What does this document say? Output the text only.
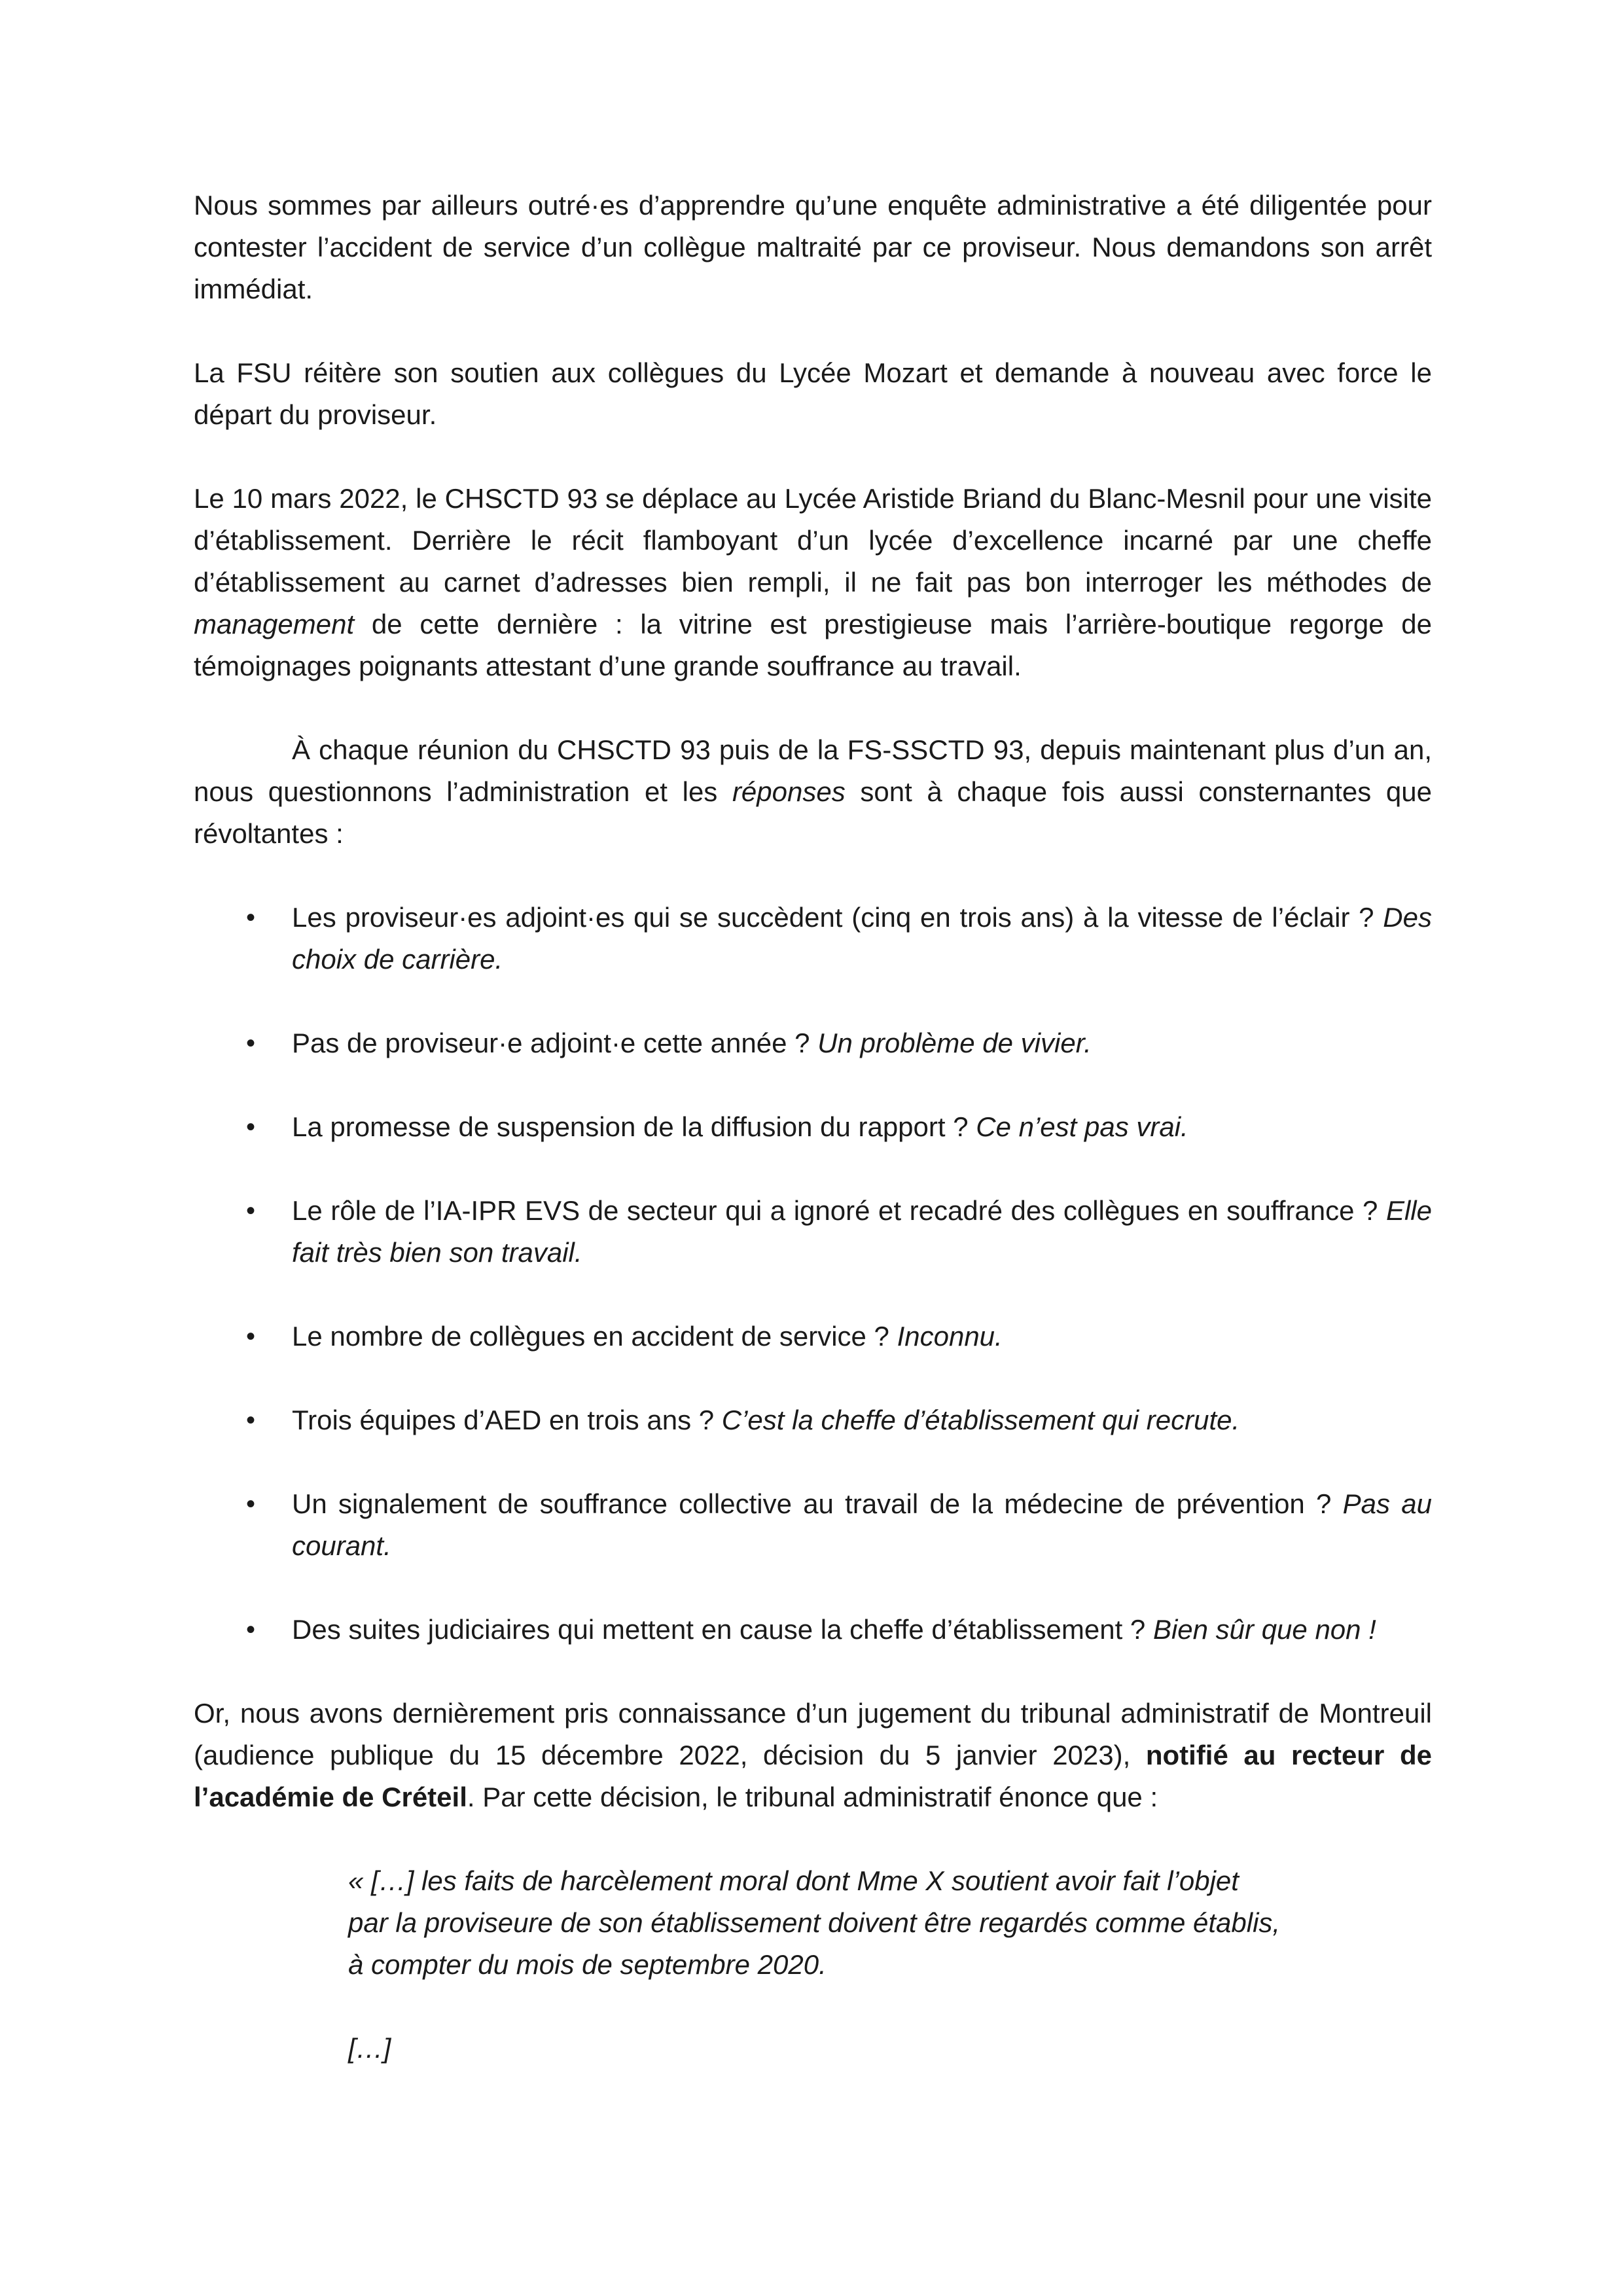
Nous sommes par ailleurs outré·es d’apprendre qu’une enquête administrative a été diligentée pour contester l’accident de service d’un collègue maltraité par ce proviseur. Nous demandons son arrêt immédiat.

La FSU réitère son soutien aux collègues du Lycée Mozart et demande à nouveau avec force le départ du proviseur.

Le 10 mars 2022, le CHSCTD 93 se déplace au Lycée Aristide Briand du Blanc-Mesnil pour une visite d’établissement. Derrière le récit flamboyant d’un lycée d’excellence incarné par une cheffe d’établissement au carnet d’adresses bien rempli, il ne fait pas bon interroger les méthodes de management de cette dernière : la vitrine est prestigieuse mais l’arrière-boutique regorge de témoignages poignants attestant d’une grande souffrance au travail.

À chaque réunion du CHSCTD 93 puis de la FS-SSCTD 93, depuis maintenant plus d’un an, nous questionnons l’administration et les réponses sont à chaque fois aussi consternantes que révoltantes :

• Les proviseur·es adjoint·es qui se succèdent (cinq en trois ans) à la vitesse de l’éclair ? Des choix de carrière.
• Pas de proviseur·e adjoint·e cette année ? Un problème de vivier.
• La promesse de suspension de la diffusion du rapport ? Ce n’est pas vrai.
• Le rôle de l’IA-IPR EVS de secteur qui a ignoré et recadré des collègues en souffrance ? Elle fait très bien son travail.
• Le nombre de collègues en accident de service ? Inconnu.
• Trois équipes d’AED en trois ans ? C’est la cheffe d’établissement qui recrute.
• Un signalement de souffrance collective au travail de la médecine de prévention ? Pas au courant.
• Des suites judiciaires qui mettent en cause la cheffe d’établissement ? Bien sûr que non !

Or, nous avons dernièrement pris connaissance d’un jugement du tribunal administratif de Montreuil (audience publique du 15 décembre 2022, décision du 5 janvier 2023), notifié au recteur de l’académie de Créteil. Par cette décision, le tribunal administratif énonce que :

« […] les faits de harcèlement moral dont Mme X soutient avoir fait l’objet

par la proviseure de son établissement doivent être regardés comme établis,

à compter du mois de septembre 2020.

[…]
